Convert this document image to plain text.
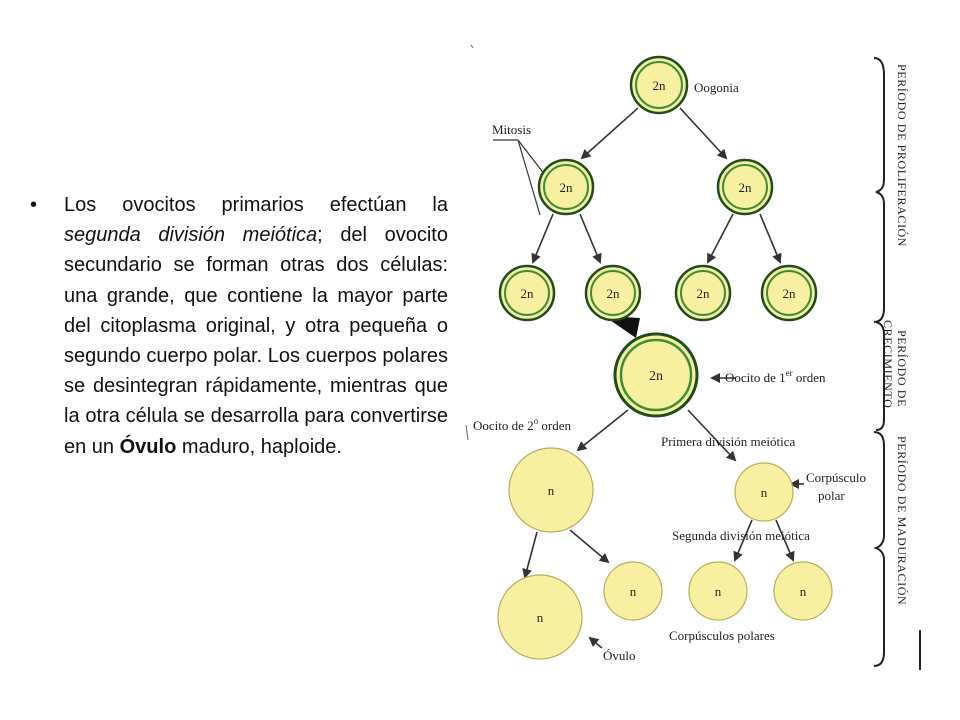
•	Los ovocitos primarios efectúan la segunda división meiótica; del ovocito secundario se forman otras dos células: una grande, que contiene la mayor parte del citoplasma original, y otra pequeña o segundo cuerpo polar. Los cuerpos polares se desintegran rápidamente, mientras que la otra célula se desarrolla para convertirse en un Óvulo maduro, haploide.
2n
2n	2n
2n	2n	2n	2n
2n
n	n
n
n	n	n
Oogonia
Mitosis
Oocito de 1er orden
Oocito de 2$^o$ orden
Primera división meiótica
Corpúsculo
polar
Segunda división meiótica
Óvulo
Corpúsculos polares
PERÍODO DE PROLIFERACIÓN
PERÍODO DE
CRECIMIENTO
PERÍODO DE MADURACIÓN
